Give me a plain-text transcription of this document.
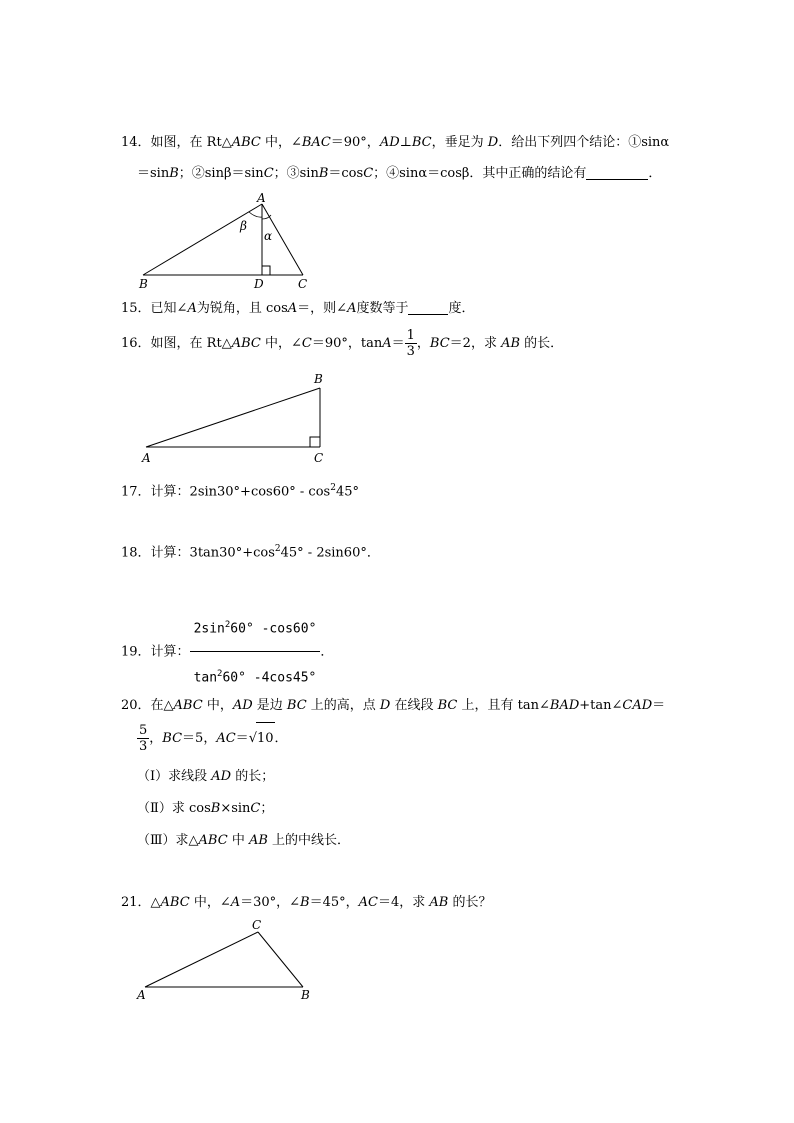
14．如图，在 Rt△ABC 中，∠BAC＝90°，AD⊥BC，垂足为 D．给出下列四个结论：①sinα
＝sinB；②sinβ＝sinC；③sinB＝cosC；④sinα＝cosβ．其中正确的结论有	．
A
B	C
D
α
β
15．已知∠A为锐角，且 cosA＝，则∠A度数等于	度．
16．如图，在 Rt△ABC 中，∠C＝90°，$\tan A= \frac{1}{3}$ ，BC＝2，求 AB 的长．
A
B
C
17．计算：$2\sin 30^\circ+\cos 60^\circ - \cos^245^\circ$
18．计算：$3\tan 30^\circ+\cos^245^\circ - 2\sin 60^\circ$．
19．计算： $\frac{2\sin^260^\circ -\cos 60^\circ}{\tan^260^\circ -4\cos 45^\circ}$ ．
20．在△ABC 中，AD 是边 BC 上的高，点 D 在线段 BC 上，且有 tan∠BAD+tan∠CAD＝
$\frac{5}{3}$ ，BC＝5，AC＝√10．
（Ⅰ）求线段 AD 的长；
（Ⅱ）求 cosB×sinC；
（Ⅲ）求△ABC 中 AB 上的中线长．
21．△ABC 中，∠A＝30°，∠B＝45°，AC＝4，求 AB 的长？
A	B
C
